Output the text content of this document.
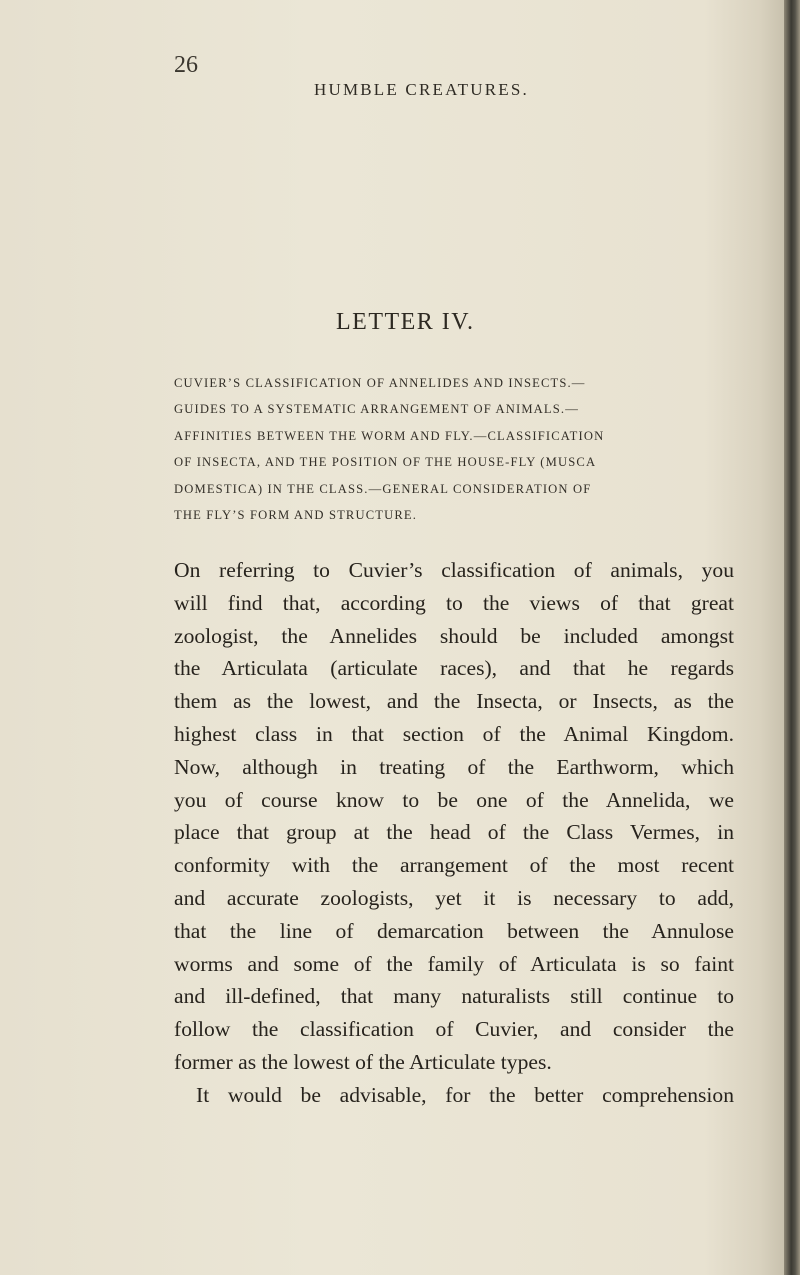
26
HUMBLE CREATURES.
LETTER IV.
CUVIER’S CLASSIFICATION OF ANNELIDES AND INSECTS.—
GUIDES TO A SYSTEMATIC ARRANGEMENT OF ANIMALS.—
AFFINITIES BETWEEN THE WORM AND FLY.—CLASSIFICATION
OF INSECTA, AND THE POSITION OF THE HOUSE-FLY (MUSCA
DOMESTICA) IN THE CLASS.—GENERAL CONSIDERATION OF
THE FLY’S FORM AND STRUCTURE.
On referring to Cuvier’s classification of animals, you
will find that, according to the views of that great
zoologist, the Annelides should be included amongst
the Articulata (articulate races), and that he regards
them as the lowest, and the Insecta, or Insects, as the
highest class in that section of the Animal Kingdom.
Now, although in treating of the Earthworm, which
you of course know to be one of the Annelida, we
place that group at the head of the Class Vermes, in
conformity with the arrangement of the most recent
and accurate zoologists, yet it is necessary to add,
that the line of demarcation between the Annulose
worms and some of the family of Articulata is so faint
and ill-defined, that many naturalists still continue to
follow the classification of Cuvier, and consider the
former as the lowest of the Articulate types.
It would be advisable, for the better comprehension
